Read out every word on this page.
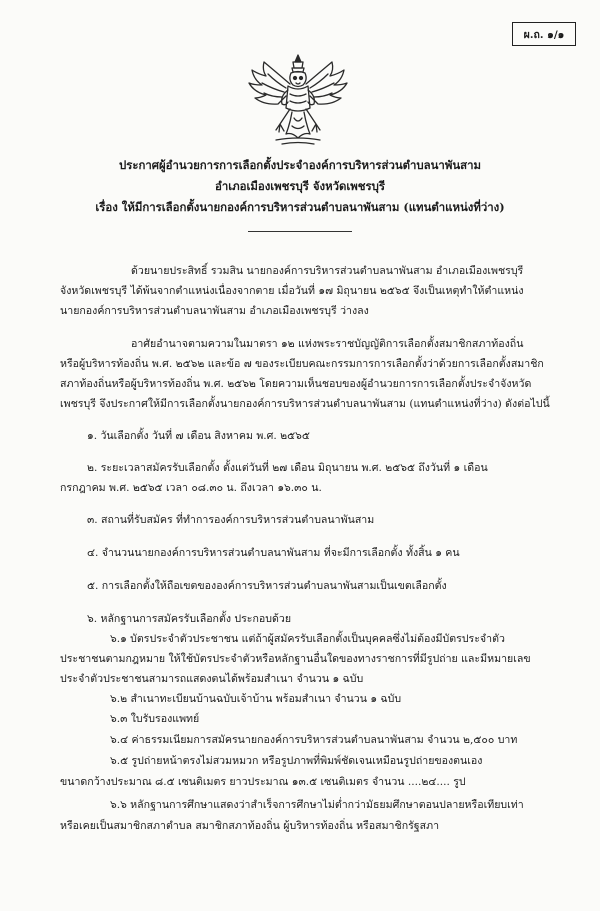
ผ.ถ. ๑/๑
ประกาศผู้อำนวยการการเลือกตั้งประจำองค์การบริหารส่วนตำบลนาพันสาม
อำเภอเมืองเพชรบุรี จังหวัดเพชรบุรี
เรื่อง ให้มีการเลือกตั้งนายกองค์การบริหารส่วนตำบลนาพันสาม (แทนตำแหน่งที่ว่าง)
ด้วยนายประสิทธิ์ รวมสิน นายกองค์การบริหารส่วนตำบลนาพันสาม อำเภอเมืองเพชรบุรี
จังหวัดเพชรบุรี ได้พ้นจากตำแหน่งเนื่องจากตาย เมื่อวันที่ ๑๗ มิถุนายน ๒๕๖๕ จึงเป็นเหตุทำให้ตำแหน่ง
นายกองค์การบริหารส่วนตำบลนาพันสาม อำเภอเมืองเพชรบุรี ว่างลง
อาศัยอำนาจตามความในมาตรา ๑๒ แห่งพระราชบัญญัติการเลือกตั้งสมาชิกสภาท้องถิ่น
หรือผู้บริหารท้องถิ่น พ.ศ. ๒๕๖๒ และข้อ ๗ ของระเบียบคณะกรรมการการเลือกตั้งว่าด้วยการเลือกตั้งสมาชิก
สภาท้องถิ่นหรือผู้บริหารท้องถิ่น พ.ศ. ๒๕๖๒ โดยความเห็นชอบของผู้อำนวยการการเลือกตั้งประจำจังหวัด
เพชรบุรี จึงประกาศให้มีการเลือกตั้งนายกองค์การบริหารส่วนตำบลนาพันสาม (แทนตำแหน่งที่ว่าง) ดังต่อไปนี้
๑. วันเลือกตั้ง วันที่ ๗ เดือน สิงหาคม พ.ศ. ๒๕๖๕
๒. ระยะเวลาสมัครรับเลือกตั้ง ตั้งแต่วันที่ ๒๗ เดือน มิถุนายน พ.ศ. ๒๕๖๕ ถึงวันที่ ๑ เดือน
กรกฎาคม พ.ศ. ๒๕๖๕ เวลา ๐๘.๓๐ น. ถึงเวลา ๑๖.๓๐ น.
๓. สถานที่รับสมัคร ที่ทำการองค์การบริหารส่วนตำบลนาพันสาม
๔. จำนวนนายกองค์การบริหารส่วนตำบลนาพันสาม ที่จะมีการเลือกตั้ง ทั้งสิ้น ๑ คน
๕. การเลือกตั้งให้ถือเขตขององค์การบริหารส่วนตำบลนาพันสามเป็นเขตเลือกตั้ง
๖. หลักฐานการสมัครรับเลือกตั้ง ประกอบด้วย
๖.๑ บัตรประจำตัวประชาชน แต่ถ้าผู้สมัครรับเลือกตั้งเป็นบุคคลซึ่งไม่ต้องมีบัตรประจำตัว
ประชาชนตามกฎหมาย ให้ใช้บัตรประจำตัวหรือหลักฐานอื่นใดของทางราชการที่มีรูปถ่าย และมีหมายเลข
ประจำตัวประชาชนสามารถแสดงตนได้พร้อมสำเนา จำนวน ๑ ฉบับ
๖.๒ สำเนาทะเบียนบ้านฉบับเจ้าบ้าน พร้อมสำเนา จำนวน ๑ ฉบับ
๖.๓ ใบรับรองแพทย์
๖.๔ ค่าธรรมเนียมการสมัครนายกองค์การบริหารส่วนตำบลนาพันสาม จำนวน ๒,๕๐๐ บาท
๖.๕ รูปถ่ายหน้าตรงไม่สวมหมวก หรือรูปภาพที่พิมพ์ชัดเจนเหมือนรูปถ่ายของตนเอง
ขนาดกว้างประมาณ ๘.๕ เซนติเมตร ยาวประมาณ ๑๓.๕ เซนติเมตร จำนวน ....๒๔.... รูป
๖.๖ หลักฐานการศึกษาแสดงว่าสำเร็จการศึกษาไม่ต่ำกว่ามัธยมศึกษาตอนปลายหรือเทียบเท่า
หรือเคยเป็นสมาชิกสภาตำบล สมาชิกสภาท้องถิ่น ผู้บริหารท้องถิ่น หรือสมาชิกรัฐสภา
